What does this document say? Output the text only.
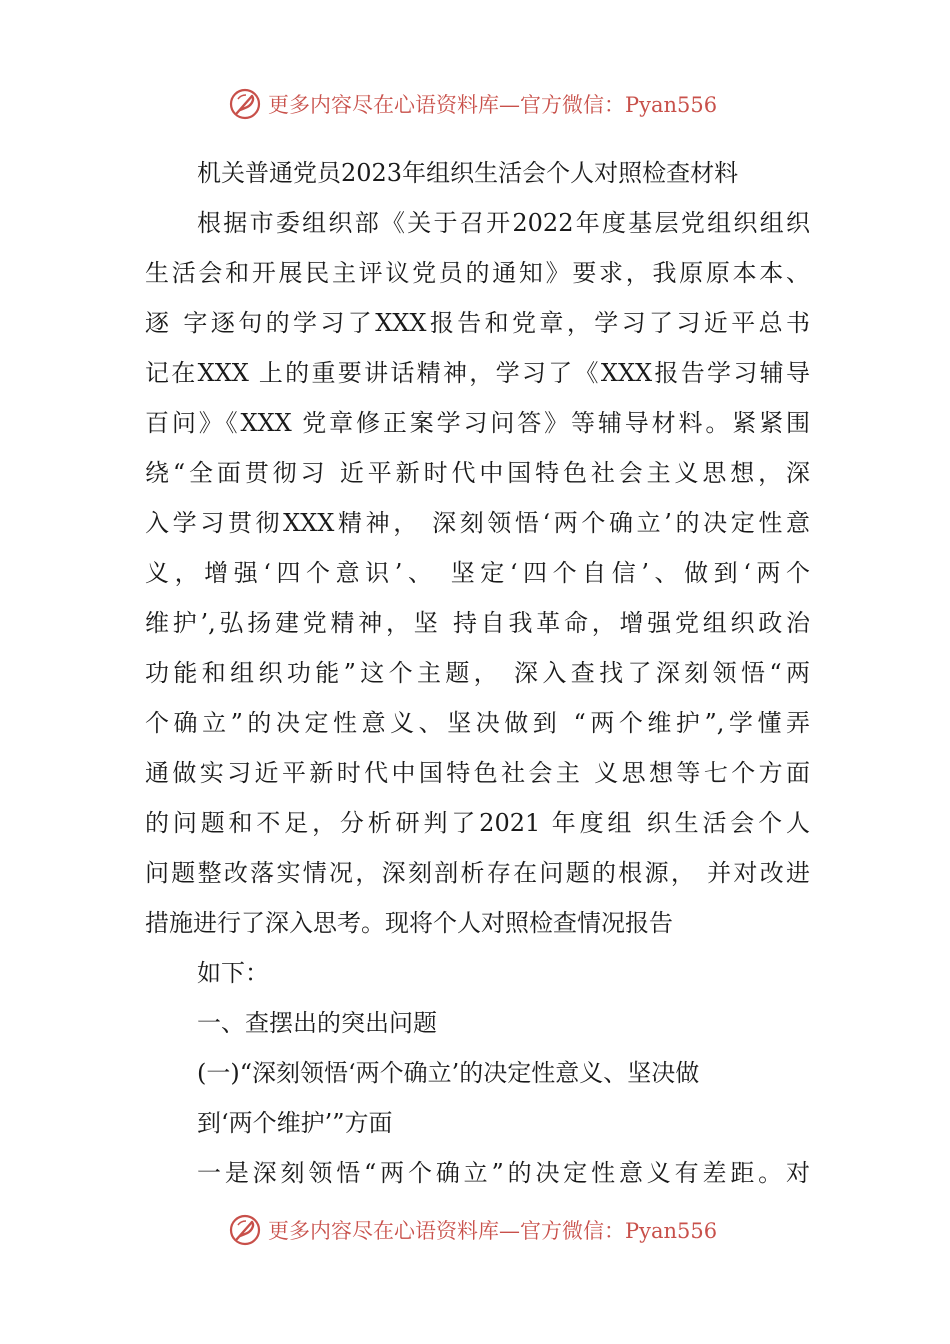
更多内容尽在心语资料库—官方微信：Pyan556
机关普通党员2023年组织生活会个人对照检查材料
根据市委组织部《关于召开2022年度基层党组织组织
生活会和开展民主评议党员的通知》要求，我原原本本、
逐 字逐句的学习了XXX报告和党章，学习了习近平总书
记在XXX 上的重要讲话精神，学习了《XXX报告学习辅导
百问》《XXX 党章修正案学习问答》等辅导材料。紧紧围
绕“全面贯彻习 近平新时代中国特色社会主义思想，深
入学习贯彻XXX精神， 深刻领悟‘两个确立’的决定性意
义，增强‘四个意识’、 坚定‘四个自信’、做到‘两个
维护’,弘扬建党精神，坚 持自我革命，增强党组织政治
功能和组织功能”这个主题， 深入查找了深刻领悟“两
个确立”的决定性意义、坚决做到 “两个维护”,学懂弄
通做实习近平新时代中国特色社会主 义思想等七个方面
的问题和不足，分析研判了2021 年度组 织生活会个人
问题整改落实情况，深刻剖析存在问题的根源， 并对改进
措施进行了深入思考。现将个人对照检查情况报告
如下：
一、查摆出的突出问题
(一)“深刻领悟‘两个确立’的决定性意义、坚决做
到‘两个维护’”方面
一是深刻领悟“两个确立”的决定性意义有差距。对
更多内容尽在心语资料库—官方微信：Pyan556
